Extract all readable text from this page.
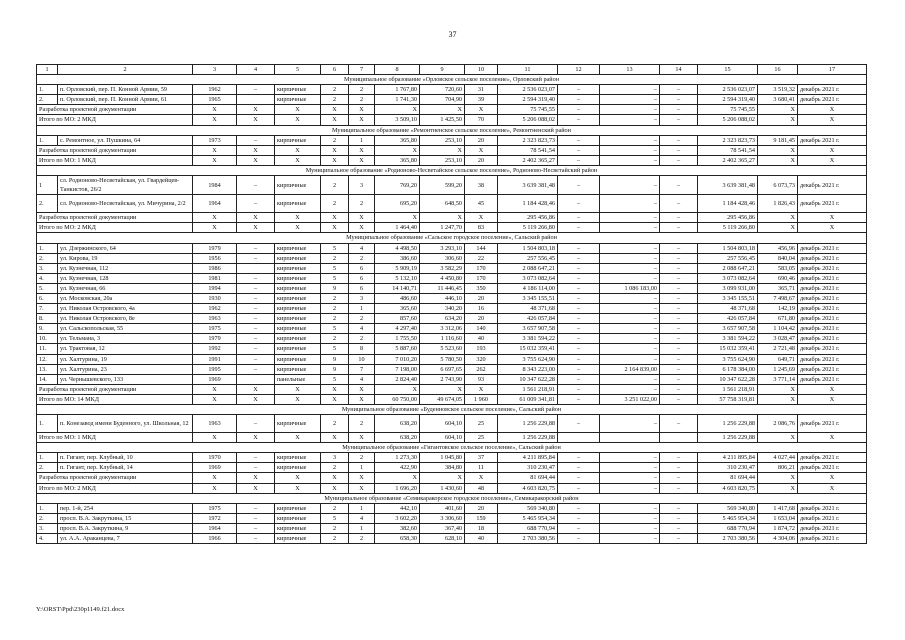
37
1	2	3	4	5	6	7	8	9	10	11	12	13	14	15	16	17
Муниципальное образование «Орловское сельское поселение», Орловский район																
1.	п. Орловский, пер. П. Конной Армии, 59	1962	–	кирпичные	2	2	1 767,80	720,60	31	2 536 023,07	–	–	–	2 536 023,07	3 519,32	декабрь 2021 г.
2.	п. Орловский, пер. П. Конной Армии, 61	1965		кирпичные	2	2	1 741,30	704,90	39	2 594 319,40	–	–	–	2 594 319,40	3 680,41	декабрь 2021 г.
Разработка проектной документации		X	X	X	X	X	X	X	X	75 745,55	–	–	–	75 745,55	X	X
Итого по МО: 2 МКД		X	X	X	X	X	3 509,10	1 425,50	70	5 206 088,02	–	–	–	5 206 088,02	X	X
Муниципальное образование «Ремонтненское сельское поселение», Ремонтненский район																
1.	с. Ремонтное, ул. Пушкина, 64	1973	–	кирпичные	2	1	365,80	253,10	20	2 323 823,73	–	–	–	2 323 823,73	9 181,45	декабрь 2021 г.
Разработка проектной документации		X	X	X	X	X	X	X	X	78 541,54	–	–	–	78 541,54	X	X
Итого по МО: 1 МКД		X	X	X	X	X	365,80	253,10	20	2 402 365,27	–	–	–	2 402 365,27	X	X
Муниципальное образование «Родионово-Несветайское сельское поселение», Родионово-Несветайский район																
1	сл. Родионово-Несветайская, ул. Гвардейцев-Танкистов, 26/2	1984	–	кирпичные	2	3	769,20	599,20	38	3 639 381,48	–	–	–	3 639 381,48	6 073,73	декабрь 2021 г.
2.	сл. Родионово-Несветайская, ул. Мичурина, 2/2	1964	–	кирпичные	2	2	695,20	648,50	45	1 184 428,46	–	–	–	1 184 428,46	1 826,43	декабрь 2021 г.
Разработка проектной документации		X	X	X	X	X	X	X	X	295 456,86	–	–	–	295 456,86	X	X
Итого по МО: 2 МКД		X	X	X	X	X	1 464,40	1 247,70	83	5 119 266,80	–	–	–	5 119 266,80	X	X
Муниципальное образование «Сальское городское поселение», Сальский район																
1.	ул. Дзержинского, 64	1979	–	кирпичные	5	4	4 498,50	3 293,10	144	1 504 803,18	–	–	–	1 504 803,18	456,96	декабрь 2021 г.
2.	ул. Кирова, 19	1956	–	кирпичные	2	2	386,60	306,60	22	257 556,45	–	–	–	257 556,45	840,04	декабрь 2021 г.
3.	ул. Кузнечная, 112	1986		кирпичные	5	6	5 909,19	3 582,29	170	2 088 647,21	–	–	–	2 088 647,21	583,05	декабрь 2021 г.
4.	ул. Кузнечная, 128	1981	–	кирпичные	5	6	5 132,10	4 450,80	170	3 073 082,64	–	–	–	3 073 082,64	690,46	декабрь 2021 г.
5.	ул. Кузнечная, 66	1994	–	кирпичные	9	6	14 140,71	11 446,45	350	4 186 114,00	–	1 086 183,00	–	3 099 931,00	365,71	декабрь 2021 г.
6.	ул. Московская, 20а	1930	–	кирпичные	2	3	486,60	446,10	20	3 345 155,51	–	–	–	3 345 155,51	7 498,67	декабрь 2021 г.
7.	ул. Николая Островского, 4а	1962	–	кирпичные	2	1	365,60	340,20	16	48 371,68	–	–	–	48 371,68	142,19	декабрь 2021 г.
8.	ул. Николая Островского, 8е	1963	–	кирпичные	2	2	857,60	634,20	20	426 057,84	–	–	–	426 057,84	671,80	декабрь 2021 г.
9.	ул. Сальскопольская, 55	1975	–	кирпичные	5	4	4 297,40	3 312,06	140	3 657 907,58	–	–	–	3 657 907,58	1 104,42	декабрь 2021 г.
10.	ул. Тельмана, 3	1979	–	кирпичные	2	2	1 755,50	1 116,60	40	3 381 594,22	–	–	–	3 381 594,22	3 028,47	декабрь 2021 г.
11.	ул. Трактовая, 12	1992	–	кирпичные	5	8	5 887,60	5 523,60	193	15 032 359,41	–	–	–	15 032 359,41	2 721,48	декабрь 2021 г.
12.	ул. Халтурина, 19	1991	–	кирпичные	9	10	7 010,20	5 780,50	320	3 755 624,90	–	–	–	3 755 624,90	649,71	декабрь 2021 г.
13.	ул. Халтурина, 23	1995	–	кирпичные	9	7	7 198,00	6 697,65	262	8 343 223,00	–	2 164 839,00	–	6 178 384,00	1 245,69	декабрь 2021 г.
14.	ул. Чернышевского, 133	1969		панельные	5	4	2 824,40	2 743,90	93	10 347 622,28	–	–	–	10 347 622,28	3 771,14	декабрь 2021 г.
Разработка проектной документации		X	X	X	X	X	X	X	X	1 561 218,91	–	–	–	1 561 218,91	X	X
Итого по МО: 14 МКД		X	X	X	X	X	60 750,00	49 674,05	1 960	61 009 341,81	–	3 251 022,00	–	57 758 319,81	X	X
Муниципальное образование «Буденновское сельское поселение», Сальский район																
1.	п. Конезавод имени Буденного, ул. Школьная, 12	1963	–	кирпичные	2	2	638,20	604,10	25	1 256 229,88	–	–	–	1 256 229,88	2 086,76	декабрь 2021 г.
Итого по МО: 1 МКД		X	X	X	X	X	638,20	604,10	25	1 256 229,88				1 256 229,88	X	X
Муниципальное образование «Гигантовское сельское поселение», Сальский район																
1.	п. Гигант, пер. Клубный, 10	1970	–	кирпичные	3	2	1 273,30	1 045,80	37	4 211 895,84	–	–	–	4 211 895,84	4 027,44	декабрь 2021 г.
2.	п. Гигант, пер. Клубный, 14	1969	–	кирпичные	2	1	422,90	384,80	11	310 230,47	–	–	–	310 230,47	806,21	декабрь 2021 г.
Разработка проектной документации		X	X	X	X	X	X	X	X	81 694,44	–	–	–	81 694,44	X	X
Итого по МО: 2 МКД		X	X	X	X	X	1 696,20	1 430,60	48	4 603 820,75	–	–	–	4 603 820,75	X	X
Муниципальное образование «Семикаракорское городское поселение», Семикаракорский район																
1.	пер. 1-й, 254	1975	–	кирпичные	2	1	442,10	401,60	20	569 340,80	–	–	–	569 340,80	1 417,68	декабрь 2021 г.
2.	просп. В.А. Закруткина, 15	1972	–	кирпичные	5	4	3 602,20	3 306,60	159	5 465 954,34	–	–	–	5 465 954,34	1 653,04	декабрь 2021 г.
3.	просп. В.А. Закруткина, 9	1964	–	кирпичные	2	1	382,60	367,40	18	688 770,94	–	–	–	688 770,94	1 874,72	декабрь 2021 г.
4.	ул. А.А. Араканцева, 7	1966	–	кирпичные	2	2	658,30	628,10	40	2 703 380,56	–	–	–	2 703 380,56	4 304,06	декабрь 2021 г.
Y:\ORST\Ppd\230p1149.f21.docx
